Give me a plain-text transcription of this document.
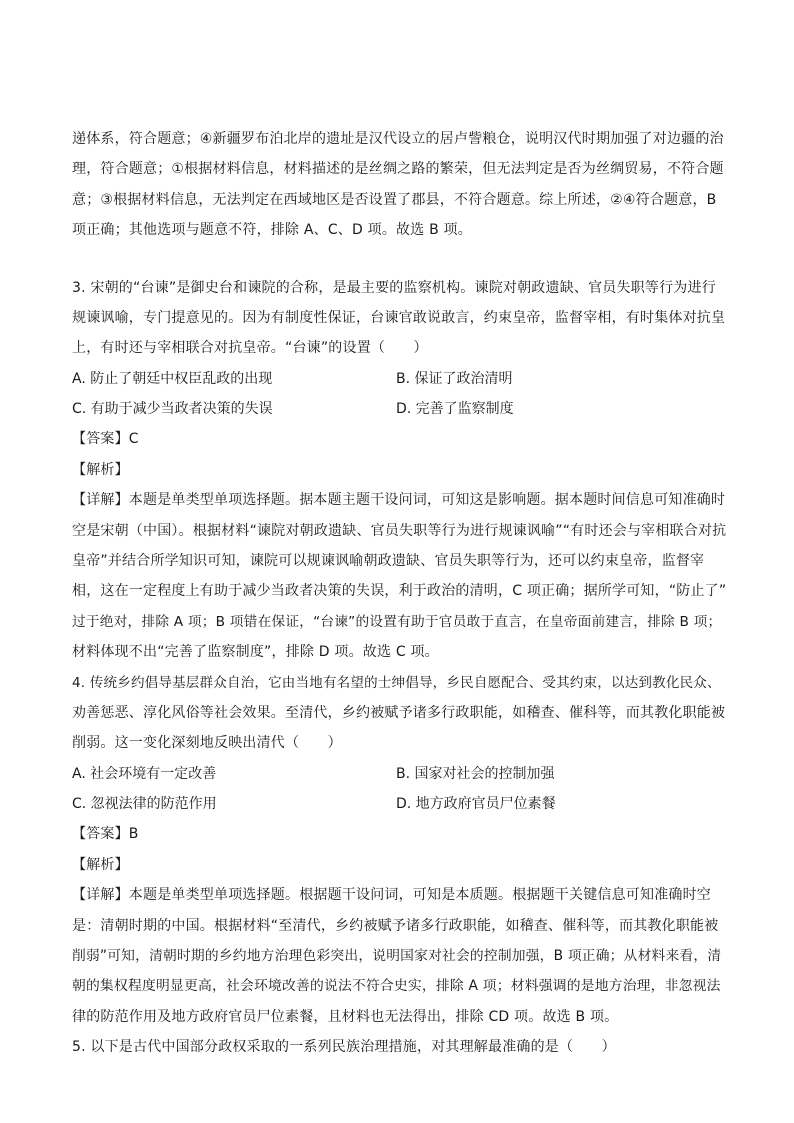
递体系，符合题意；④新疆罗布泊北岸的遗址是汉代设立的居卢訾粮仓，说明汉代时期加强了对边疆的治
理，符合题意；①根据材料信息，材料描述的是丝绸之路的繁荣，但无法判定是否为丝绸贸易，不符合题
意；③根据材料信息，无法判定在西域地区是否设置了郡县，不符合题意。综上所述，②④符合题意，B
项正确；其他选项与题意不符，排除 A、C、D 项。故选 B 项。
3. 宋朝的“台谏”是御史台和谏院的合称，是最主要的监察机构。谏院对朝政遗缺、官员失职等行为进行
规谏讽喻，专门提意见的。因为有制度性保证，台谏官敢说敢言，约束皇帝，监督宰相，有时集体对抗皇
上，有时还与宰相联合对抗皇帝。“台谏”的设置（　　）
A. 防止了朝廷中权臣乱政的出现	B. 保证了政治清明
C. 有助于减少当政者决策的失误	D. 完善了监察制度
【答案】C
【解析】
【详解】本题是单类型单项选择题。据本题主题干设问词，可知这是影响题。据本题时间信息可知准确时
空是宋朝（中国）。根据材料“谏院对朝政遗缺、官员失职等行为进行规谏讽喻”“有时还会与宰相联合对抗
皇帝”并结合所学知识可知，谏院可以规谏讽喻朝政遗缺、官员失职等行为，还可以约束皇帝，监督宰
相，这在一定程度上有助于减少当政者决策的失误，利于政治的清明，C 项正确；据所学可知，“防止了”
过于绝对，排除 A 项；B 项错在保证，“台谏”的设置有助于官员敢于直言，在皇帝面前建言，排除 B 项；
材料体现不出“完善了监察制度”，排除 D 项。故选 C 项。
4. 传统乡约倡导基层群众自治，它由当地有名望的士绅倡导，乡民自愿配合、受其约束，以达到教化民众、
劝善惩恶、淳化风俗等社会效果。至清代，乡约被赋予诸多行政职能，如稽查、催科等，而其教化职能被
削弱。这一变化深刻地反映出清代（　　）
A. 社会环境有一定改善	B. 国家对社会的控制加强
C. 忽视法律的防范作用	D. 地方政府官员尸位素餐
【答案】B
【解析】
【详解】本题是单类型单项选择题。根据题干设问词，可知是本质题。根据题干关键信息可知准确时空
是：清朝时期的中国。根据材料“至清代，乡约被赋予诸多行政职能，如稽查、催科等，而其教化职能被
削弱”可知，清朝时期的乡约地方治理色彩突出，说明国家对社会的控制加强，B 项正确；从材料来看，清
朝的集权程度明显更高，社会环境改善的说法不符合史实，排除 A 项；材料强调的是地方治理，非忽视法
律的防范作用及地方政府官员尸位素餐，且材料也无法得出，排除 CD 项。故选 B 项。
5. 以下是古代中国部分政权采取的一系列民族治理措施，对其理解最准确的是（　　）
